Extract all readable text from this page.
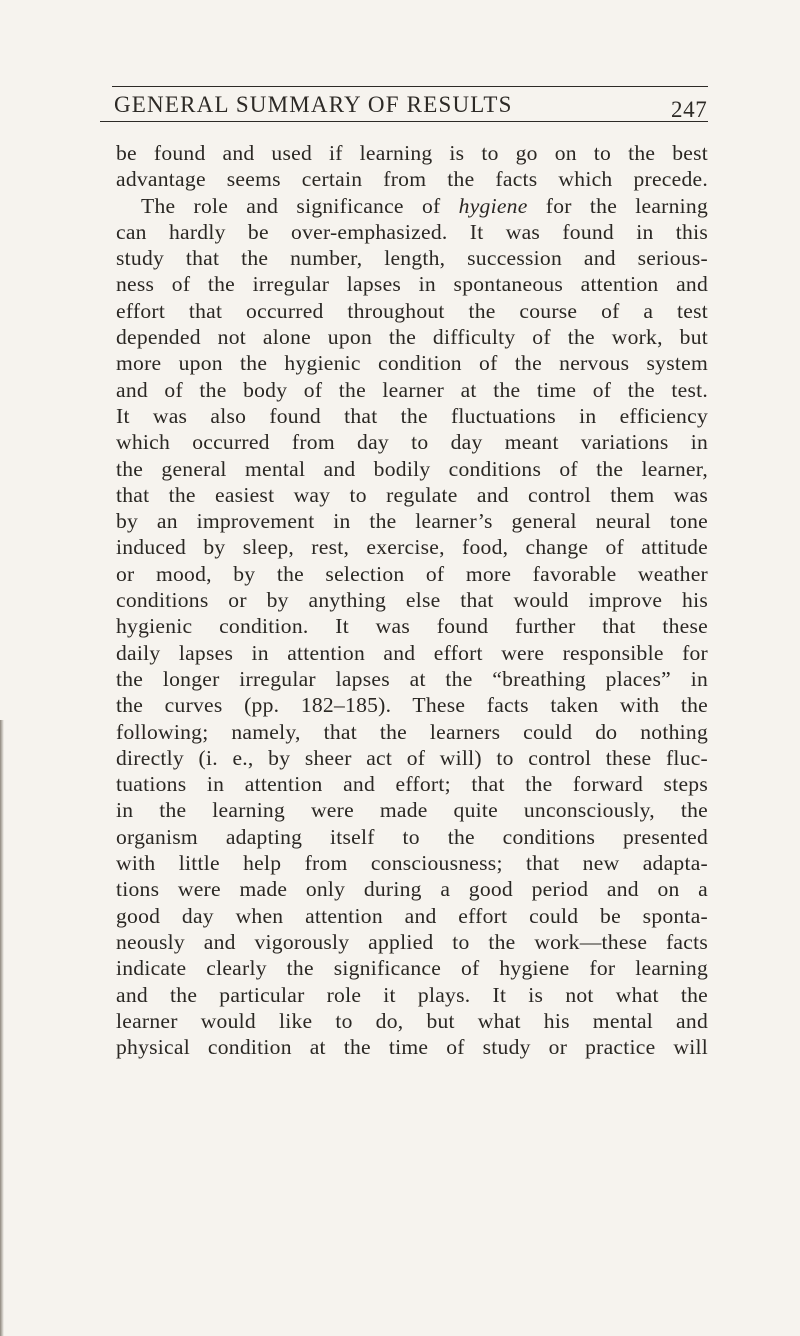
GENERAL SUMMARY OF RESULTS	247
be found and used if learning is to go on to the best
advantage seems certain from the facts which precede.
The role and significance of hygiene for the learning
can hardly be over-emphasized. It was found in this
study that the number, length, succession and serious-
ness of the irregular lapses in spontaneous attention and
effort that occurred throughout the course of a test
depended not alone upon the difficulty of the work, but
more upon the hygienic condition of the nervous system
and of the body of the learner at the time of the test.
It was also found that the fluctuations in efficiency
which occurred from day to day meant variations in
the general mental and bodily conditions of the learner,
that the easiest way to regulate and control them was
by an improvement in the learner’s general neural tone
induced by sleep, rest, exercise, food, change of attitude
or mood, by the selection of more favorable weather
conditions or by anything else that would improve his
hygienic condition. It was found further that these
daily lapses in attention and effort were responsible for
the longer irregular lapses at the “breathing places” in
the curves (pp. 182–185). These facts taken with the
following; namely, that the learners could do nothing
directly (i. e., by sheer act of will) to control these fluc-
tuations in attention and effort; that the forward steps
in the learning were made quite unconsciously, the
organism adapting itself to the conditions presented
with little help from consciousness; that new adapta-
tions were made only during a good period and on a
good day when attention and effort could be sponta-
neously and vigorously applied to the work—these facts
indicate clearly the significance of hygiene for learning
and the particular role it plays. It is not what the
learner would like to do, but what his mental and
physical condition at the time of study or practice will
